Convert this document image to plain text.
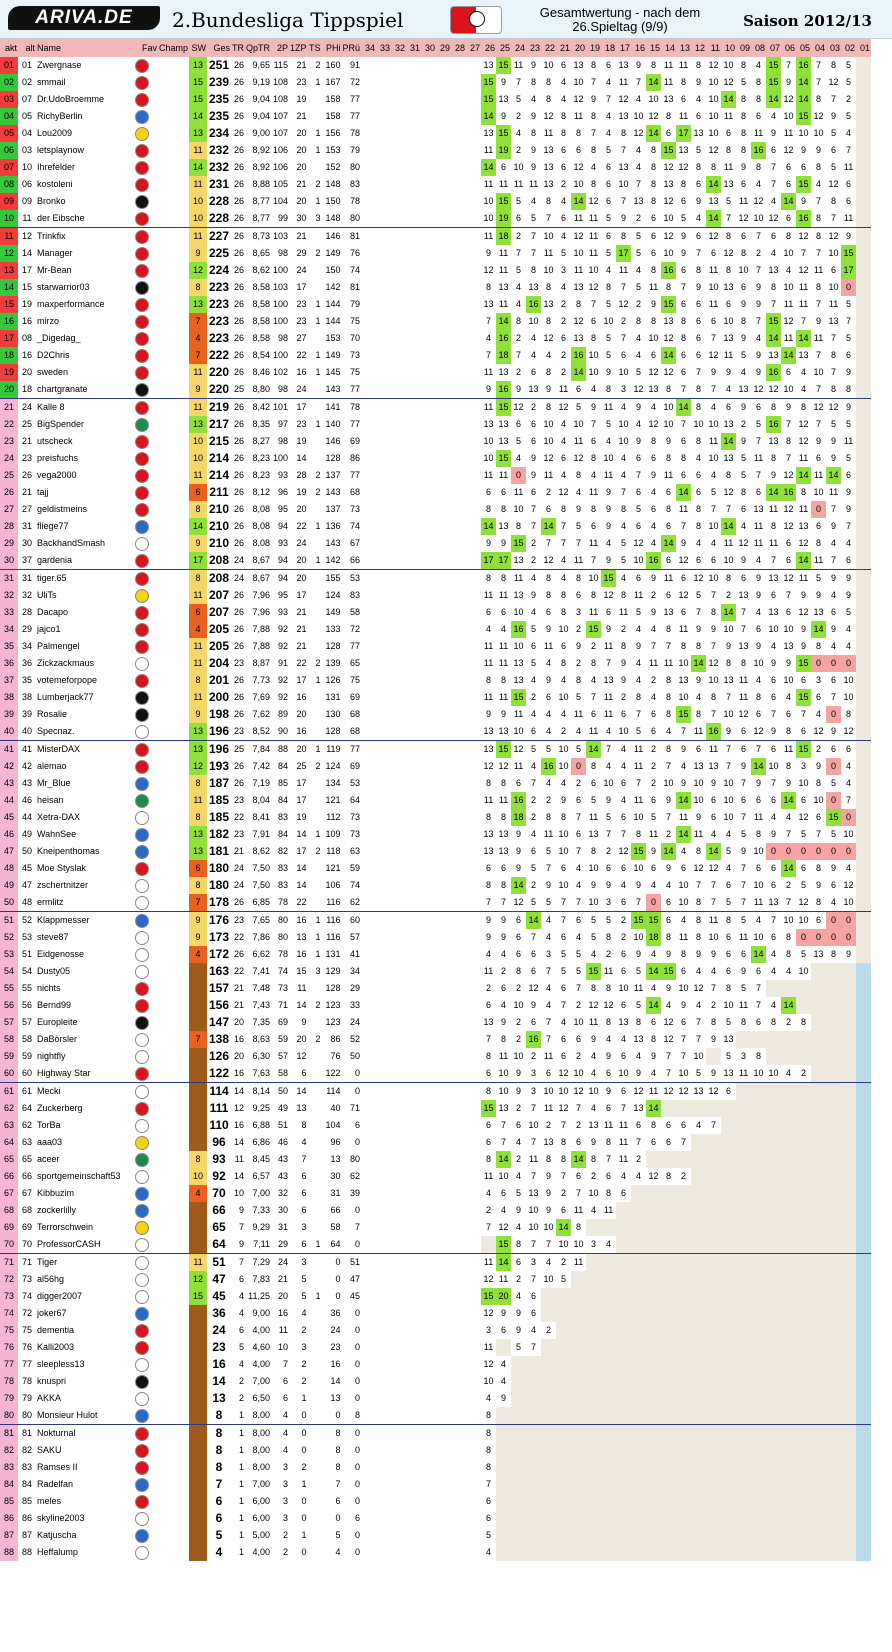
ARIVA.DE	2.Bundesliga Tippspiel	Gesamtwertung - nach dem
26.Spieltag (9/9)	Saison 2012/13
akt	alt	Name	Fav	Champ	SW	Ges	TR	QpTR	2P	1ZP	TS	PHi	PRü	34	33	32	31	30	29	28	27	26	25	24	23	22	21	20	19	18	17	16	15	14	13	12	11	10	09	08	07	06	05	04	03	02	01
01	01	Zwergnase			13	251	26	9,65	115	21	2	160	91									13	15	11	9	10	6	13	8	6	13	9	8	11	11	8	12	10	8	4	15	7	16	7	8	5	
02	02	smmail			15	239	26	9,19	108	23	1	167	72									15	9	7	8	8	4	10	7	4	11	7	14	11	8	9	10	12	5	8	15	9	14	7	12	5	
03	07	Dr.UdoBroemme			15	235	26	9,04	108	19		158	77									15	13	5	4	8	4	12	9	7	12	4	10	13	6	4	10	14	8	8	14	12	14	8	7	2	
04	05	RichyBerlin			14	235	26	9,04	107	21		158	77									14	9	2	9	12	8	11	8	4	13	10	12	8	11	6	10	11	8	6	4	10	15	12	9	5	
05	04	Lou2009			13	234	26	9,00	107	20	1	156	78									13	15	4	8	11	8	8	7	4	8	12	14	6	17	13	10	6	8	11	9	11	10	10	5	4	
06	03	letsplaynow			11	232	26	8,92	106	20	1	153	79									11	19	2	9	13	6	6	8	5	7	4	8	15	13	5	12	8	8	16	6	12	9	9	6	7	
07	10	Ihrefelder			14	232	26	8,92	106	20		152	80									14	6	10	9	13	6	12	4	6	13	4	8	12	12	8	8	11	9	8	7	6	6	8	5	11	
08	06	kostoleni			11	231	26	8,88	105	21	2	148	83									11	11	11	11	13	2	10	8	6	10	7	8	13	8	6	14	13	6	4	7	6	15	4	12	6	
09	09	Bronko			10	228	26	8,77	104	20	1	150	78									10	15	5	4	8	4	14	12	6	7	13	8	12	6	9	13	5	11	12	4	14	9	7	8	6	
10	11	der Eibsche			10	228	26	8,77	99	30	3	148	80									10	19	6	5	7	6	11	11	5	9	2	6	10	5	4	14	7	12	10	12	6	16	8	7	11	
11	12	Trinkfix			11	227	26	8,73	103	21		146	81									11	18	2	7	10	4	12	11	6	8	5	6	12	9	6	12	8	6	7	6	8	12	8	12	9	
12	14	Manager			9	225	26	8,65	98	29	2	149	76									9	11	7	7	11	5	10	11	5	17	5	6	10	9	7	6	12	8	2	4	10	7	7	10	15	
13	17	Mr-Bean			12	224	26	8,62	100	24		150	74									12	11	5	8	10	3	11	10	4	11	4	8	16	6	8	11	8	10	7	13	4	12	11	6	17	
14	15	starwarrior03			8	223	26	8,58	103	17		142	81									8	13	4	13	8	4	13	12	8	7	5	11	8	7	9	10	13	6	9	8	10	11	8	10	0	
15	19	maxperformance			13	223	26	8,58	100	23	1	144	79									13	11	4	16	13	2	8	7	5	12	2	9	15	6	6	11	6	9	9	7	11	11	7	11	5	
16	16	mirzo			7	223	26	8,58	100	23	1	144	75									7	14	8	10	8	2	12	6	10	2	8	8	13	8	6	6	10	8	7	15	12	7	9	13	7	
17	08	_Digedag_			4	223	26	8,58	98	27		153	70									4	16	2	4	12	6	13	8	5	7	4	10	12	8	6	7	13	9	4	14	11	14	11	7	5	
18	16	D2Chris			7	222	26	8,54	100	22	1	149	73									7	18	7	4	4	2	16	10	5	6	4	6	14	6	6	12	11	5	9	13	14	13	7	8	6	
19	20	sweden			11	220	26	8,46	102	16	1	145	75									11	13	2	6	8	2	14	10	9	10	5	12	12	6	7	9	9	4	9	16	6	4	10	7	9	
20	18	chartgranate			9	220	25	8,80	98	24		143	77									9	16	9	13	9	11	6	4	8	3	12	13	8	7	8	7	4	13	12	12	10	4	7	8	8	
21	24	Kalle 8			11	219	26	8,42	101	17		141	78									11	15	12	2	8	12	5	9	11	4	9	4	10	14	8	4	6	9	6	8	9	8	12	12	9	
22	25	BigSpender			13	217	26	8,35	97	23	1	140	77									13	13	6	6	10	4	10	7	5	10	4	12	10	7	10	10	13	2	5	16	7	12	7	5	5	
23	21	utscheck			10	215	26	8,27	98	19		146	69									10	13	5	6	10	4	11	6	4	10	9	8	9	6	8	11	14	9	7	13	8	12	9	9	11	
24	23	preisfuchs			10	214	26	8,23	100	14		128	86									10	15	4	9	12	6	12	8	10	4	6	6	8	8	4	10	13	5	11	8	7	11	6	9	5	
25	26	vega2000			11	214	26	8,23	93	28	2	137	77									11	11	0	9	11	4	8	4	11	4	7	9	11	6	6	4	8	5	7	9	12	14	11	14	6	
26	21	tajj			6	211	26	8,12	96	19	2	143	68									6	6	11	6	2	12	4	11	9	7	6	4	6	14	6	5	12	8	6	14	16	8	10	11	9	
27	27	geldistmeins			8	210	26	8,08	95	20		137	73									8	8	10	7	6	8	9	8	9	8	5	6	8	11	8	7	7	6	13	11	12	11	0	7	9	
28	31	fliege77			14	210	26	8,08	94	22	1	136	74									14	13	8	7	14	7	5	6	9	4	6	4	6	7	8	10	14	4	11	8	12	13	6	9	7	
29	30	BackhandSmash			9	210	26	8,08	93	24		143	67									9	9	15	2	7	7	7	11	4	5	12	4	14	9	4	4	11	12	11	11	6	12	8	4	4	
30	37	gardenia			17	208	24	8,67	94	20	1	142	66									17	17	13	2	12	4	11	7	9	5	10	16	6	12	6	6	10	9	4	7	6	14	11	7	6	
31	31	tiger.65			8	208	24	8,67	94	20		155	53									8	8	11	4	8	4	8	10	15	4	6	9	11	6	12	10	8	6	9	13	12	11	5	9	9	
32	32	UliTs			11	207	26	7,96	95	17		124	83									11	11	13	9	8	8	6	8	12	8	11	2	6	12	5	7	2	13	9	6	7	9	9	4	9	
33	28	Dacapo			6	207	26	7,96	93	21		149	58									6	6	10	4	6	8	3	11	6	11	5	9	13	6	7	8	14	7	4	13	6	12	13	6	5	
34	29	jajco1			4	205	26	7,88	92	21		133	72									4	4	16	5	9	10	2	15	9	2	4	4	8	11	9	9	10	7	6	10	10	9	14	9	4	
35	34	Palmengel			11	205	26	7,88	92	21		128	77									11	11	10	6	11	6	9	2	11	8	9	7	7	8	8	7	9	13	9	4	13	9	8	4	4	
36	36	Zickzackmaus			11	204	23	8,87	91	22	2	139	65									11	11	13	5	4	8	2	8	7	9	4	11	11	10	14	12	8	8	10	9	9	15	0	0	0	
37	35	votemeforpope			8	201	26	7,73	92	17	1	126	75									8	8	13	4	9	4	8	4	13	9	4	2	8	13	9	10	13	11	4	6	10	6	3	6	10	
38	38	Lumberjack77			11	200	26	7,69	92	16		131	69									11	11	15	2	6	10	5	7	11	2	8	4	8	10	4	8	7	11	8	6	4	15	6	7	10	
39	39	Rosalie			9	198	26	7,62	89	20		130	68									9	9	11	4	4	4	11	6	11	6	7	6	8	15	8	7	10	12	6	7	6	7	4	0	8	
40	40	Specnaz.			13	196	23	8,52	90	16		128	68									13	13	10	6	4	2	4	11	4	10	5	6	4	7	11	16	9	6	12	9	8	6	12	9	12	
41	41	MisterDAX			13	196	25	7,84	88	20	1	119	77									13	15	12	5	5	10	5	14	7	4	11	2	8	9	6	11	7	6	7	6	11	15	2	6	6	
42	42	alemao			12	193	26	7,42	84	25	2	124	69									12	12	11	4	16	10	0	8	4	4	11	2	7	4	13	13	7	9	14	10	8	3	9	0	4	
43	43	Mr_Blue			8	187	26	7,19	85	17		134	53									8	8	6	7	4	4	2	6	10	6	7	2	10	9	10	9	10	7	9	7	9	10	8	5	4	
44	46	heisan			11	185	23	8,04	84	17		121	64									11	11	16	2	2	9	6	5	9	4	11	6	9	14	10	6	10	6	6	6	14	6	10	0	7	
45	44	Xetra-DAX			8	185	22	8,41	83	19		112	73									8	8	18	2	8	8	7	11	5	6	10	5	7	11	9	6	10	7	11	4	4	12	6	15	0	
46	49	WahnSee			13	182	23	7,91	84	14	1	109	73									13	13	9	4	11	10	6	13	7	7	8	11	2	14	11	4	4	5	8	9	7	5	7	5	10	
47	50	Kneipenthomas			13	181	21	8,62	82	17	2	118	63									13	13	9	6	5	10	7	8	2	12	15	9	14	4	8	14	5	9	10	0	0	0	0	0	0	
48	45	Moe Styslak			6	180	24	7,50	83	14		121	59									6	6	9	5	7	6	4	10	6	6	10	6	9	6	12	12	4	7	6	6	14	6	8	9	4	
49	47	zschertnitzer			8	180	24	7,50	83	14		106	74									8	8	14	2	9	10	4	9	9	4	9	4	4	10	7	7	6	7	10	6	2	5	9	6	12	
50	48	ermlitz			7	178	26	6,85	78	22		116	62									7	7	12	5	5	7	7	10	3	6	7	0	6	10	8	7	5	7	11	13	7	12	8	4	10	
51	52	Klappmesser			9	176	23	7,65	80	16	1	116	60									9	9	6	14	4	7	6	5	5	2	15	15	6	4	8	11	8	5	4	7	10	10	6	0	0	
52	53	steve87			9	173	22	7,86	80	13	1	116	57									9	9	6	7	4	6	4	5	8	2	10	18	8	11	8	10	6	11	10	6	8	0	0	0	0	
53	51	Eidgenosse			4	172	26	6,62	78	16	1	131	41									4	4	6	6	3	5	5	4	2	6	9	4	9	8	9	9	6	6	14	4	8	5	13	8	9	
54	54	Dusty05				163	22	7,41	74	15	3	129	34									11	2	8	6	7	5	5	15	11	6	5	14	15	6	4	4	6	9	6	4	4	10				
55	55	nichts				157	21	7,48	73	11		128	29									2	6	2	12	4	6	7	8	8	10	11	4	9	10	12	7	8	5	7							
56	56	Bernd99				156	21	7,43	71	14	2	123	33									6	4	10	9	4	7	2	12	12	6	5	14	4	9	4	2	10	11	7	4	14					
57	57	Europleite				147	20	7,35	69	9		123	24									13	9	2	6	7	4	10	11	8	13	8	6	12	6	7	8	5	8	6	8	2	8				
58	58	DaBörsler			7	138	16	8,63	59	20	2	86	52									7	8	2	16	7	6	6	9	4	4	13	8	12	7	7	9	13									
59	59	nightfly				126	20	6,30	57	12		76	50									8	11	10	2	11	6	2	4	9	6	4	9	7	7	10		5	3	8							
60	60	Highway Star				122	16	7,63	58	6		122	0									6	10	9	3	6	12	10	4	6	10	9	4	7	10	5	9	13	11	10	10	4	2				
61	61	Mecki				114	14	8,14	50	14		114	0									8	10	9	3	10	10	12	10	9	6	12	11	12	12	13	12	6									
62	64	Zuckerberg				111	12	9,25	49	13		40	71									15	13	2	7	11	12	7	4	6	7	13	14														
63	62	TorBa				110	16	6,88	51	8		104	6									6	7	6	10	2	7	2	13	11	11	6	8	6	6	4	7										
64	63	aaa03				96	14	6,86	46	4		96	0									6	7	4	7	13	8	6	9	8	11	7	6	6	7												
65	65	aceer			8	93	11	8,45	43	7		13	80									8	14	2	11	8	8	14	8	7	11	2															
66	66	sportgemeinschaft53			10	92	14	6,57	43	6		30	62									11	10	4	7	9	7	6	2	6	4	4	12	8	2												
67	67	Kibbuzim			4	70	10	7,00	32	6		31	39									4	6	5	13	9	2	7	10	8	6																
68	68	zockerlilly				66	9	7,33	30	6		66	0									2	4	9	10	9	6	11	4	11																	
69	69	Terrorschwein				65	7	9,29	31	3		58	7									7	12	4	10	10	14	8																			
70	70	ProfessorCASH				64	9	7,11	29	6	1	64	0										15	8	7	7	10	10	3	4																	
71	71	Tiger			11	51	7	7,29	24	3		0	51									11	14	6	3	4	2	11																			
72	73	al56hg			12	47	6	7,83	21	5		0	47									12	11	2	7	10	5																				
73	74	digger2007			15	45	4	11,25	20	5	1	0	45									15	20	4	6																						
74	72	joker67				36	4	9,00	16	4		36	0									12	9	9	6																						
75	75	dementia				24	6	4,00	11	2		24	0									3	6	9	4	2																					
76	76	Kalli2003				23	5	4,60	10	3		23	0									11		5	7																						
77	77	sleepless13				16	4	4,00	7	2		16	0									12	4																								
78	78	knuspri				14	2	7,00	6	2		14	0									10	4																								
79	79	AKKA				13	2	6,50	6	1		13	0									4	9																								
80	80	Monsieur Hulot				8	1	8,00	4	0		0	8									8																									
81	81	Nokturnal				8	1	8,00	4	0		8	0									8																									
82	82	SAKU				8	1	8,00	4	0		8	0									8																									
83	83	Ramses II				8	1	8,00	3	2		8	0									8																									
84	84	Radelfan				7	1	7,00	3	1		7	0									7																									
85	85	meles				6	1	6,00	3	0		6	0									6																									
86	86	skyline2003				6	1	6,00	3	0		0	6									6																									
87	87	Katjuscha				5	1	5,00	2	1		5	0									5																									
88	88	Heffalump				4	1	4,00	2	0		4	0									4																									
